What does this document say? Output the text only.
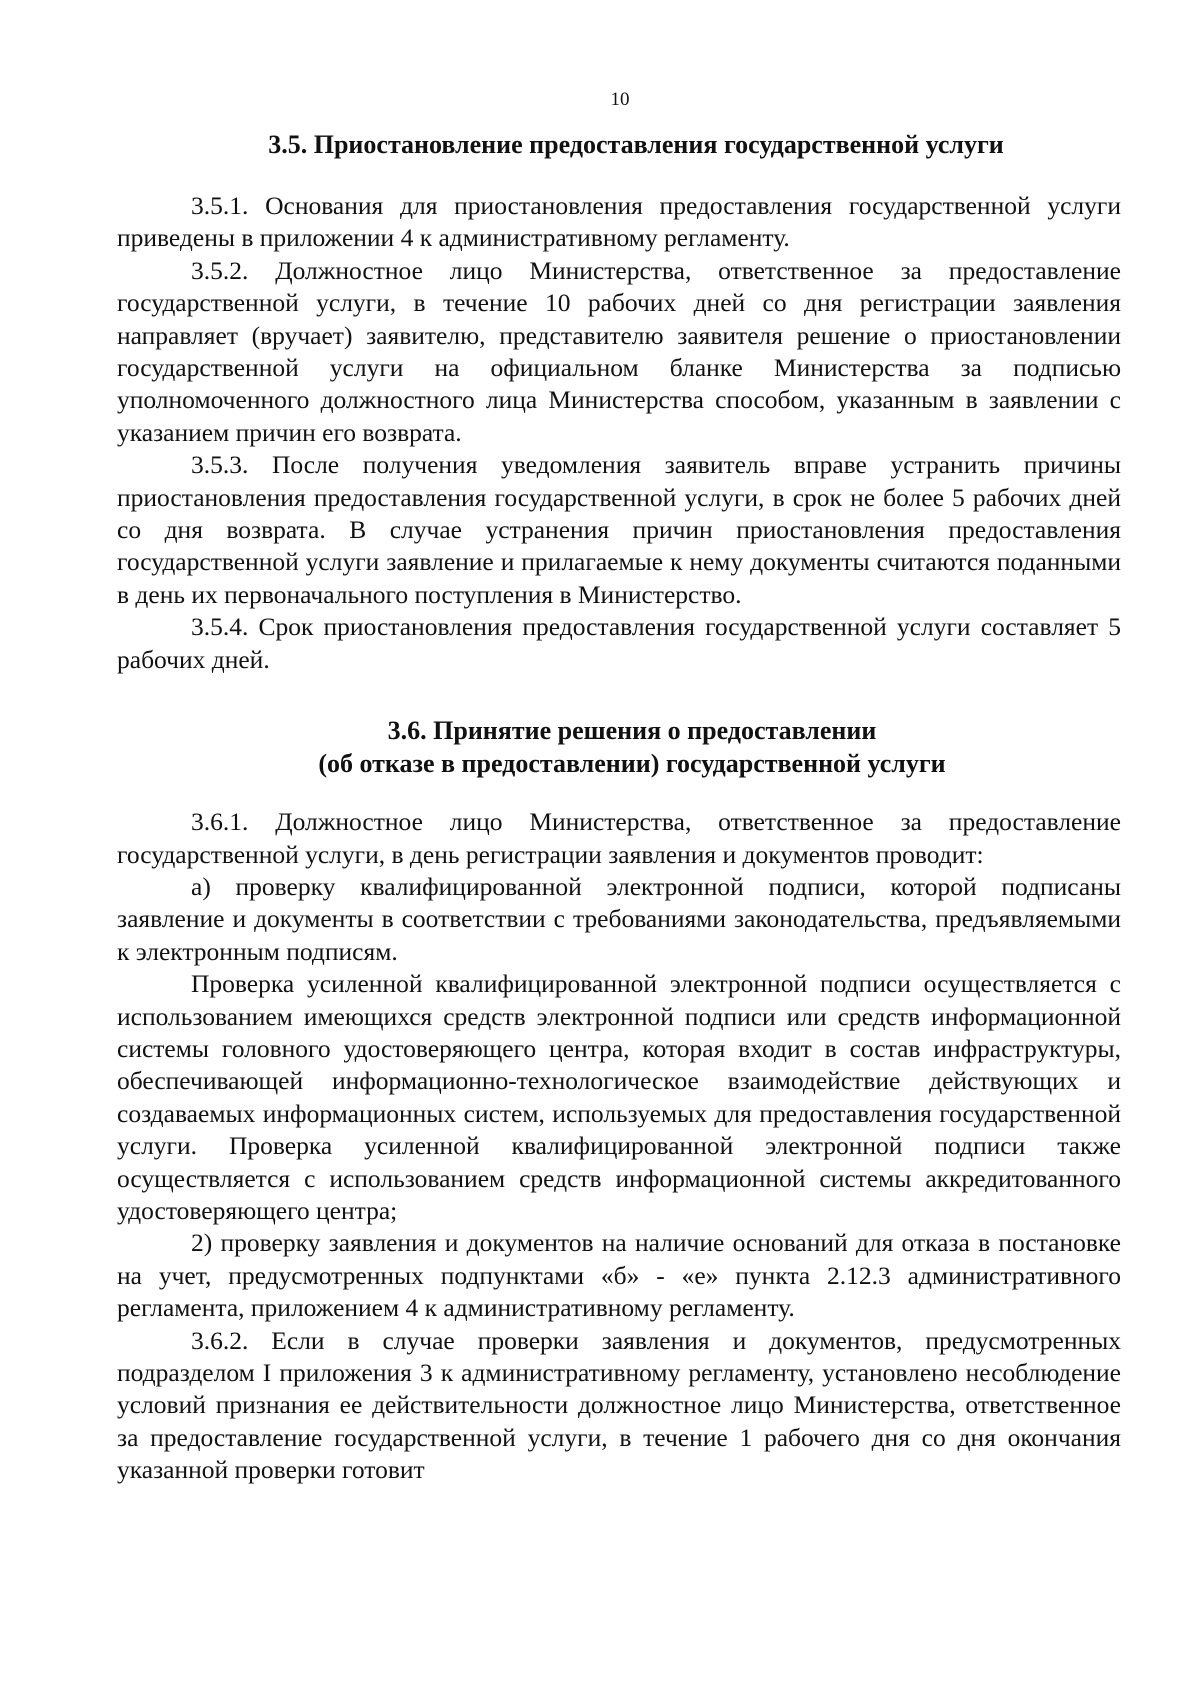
10
3.5. Приостановление предоставления государственной услуги

3.5.1. Основания для приостановления предоставления государственной услуги приведены в приложении 4 к административному регламенту.

3.5.2. Должностное лицо Министерства, ответственное за предоставление государственной услуги, в течение 10 рабочих дней со дня регистрации заявления направляет (вручает) заявителю, представителю заявителя решение о приостановлении государственной услуги на официальном бланке Министерства за подписью уполномоченного должностного лица Министерства способом, указанным в заявлении с указанием причин его возврата.

3.5.3. После получения уведомления заявитель вправе устранить причины приостановления предоставления государственной услуги, в срок не более 5 рабочих дней со дня возврата. В случае устранения причин приостановления предоставления государственной услуги заявление и прилагаемые к нему документы считаются поданными в день их первоначального поступления в Министерство.

3.5.4. Срок приостановления предоставления государственной услуги составляет 5 рабочих дней.

3.6. Принятие решения о предоставлении
(об отказе в предоставлении) государственной услуги

3.6.1. Должностное лицо Министерства, ответственное за предоставление государственной услуги, в день регистрации заявления и документов проводит:

а) проверку квалифицированной электронной подписи, которой подписаны заявление и документы в соответствии с требованиями законодательства, предъявляемыми к электронным подписям.

Проверка усиленной квалифицированной электронной подписи осуществляется с использованием имеющихся средств электронной подписи или средств информационной системы головного удостоверяющего центра, которая входит в состав инфраструктуры, обеспечивающей информационно-технологическое взаимодействие действующих и создаваемых информационных систем, используемых для предоставления государственной услуги. Проверка усиленной квалифицированной электронной подписи также осуществляется с использованием средств информационной системы аккредитованного удостоверяющего центра;

2) проверку заявления и документов на наличие оснований для отказа в постановке на учет, предусмотренных подпунктами «б» - «е» пункта 2.12.3 административного регламента, приложением 4 к административному регламенту.

3.6.2. Если в случае проверки заявления и документов, предусмотренных подразделом I приложения 3 к административному регламенту, установлено несоблюдение условий признания ее действительности должностное лицо Министерства, ответственное за предоставление государственной услуги, в течение 1 рабочего дня со дня окончания указанной проверки готовит
